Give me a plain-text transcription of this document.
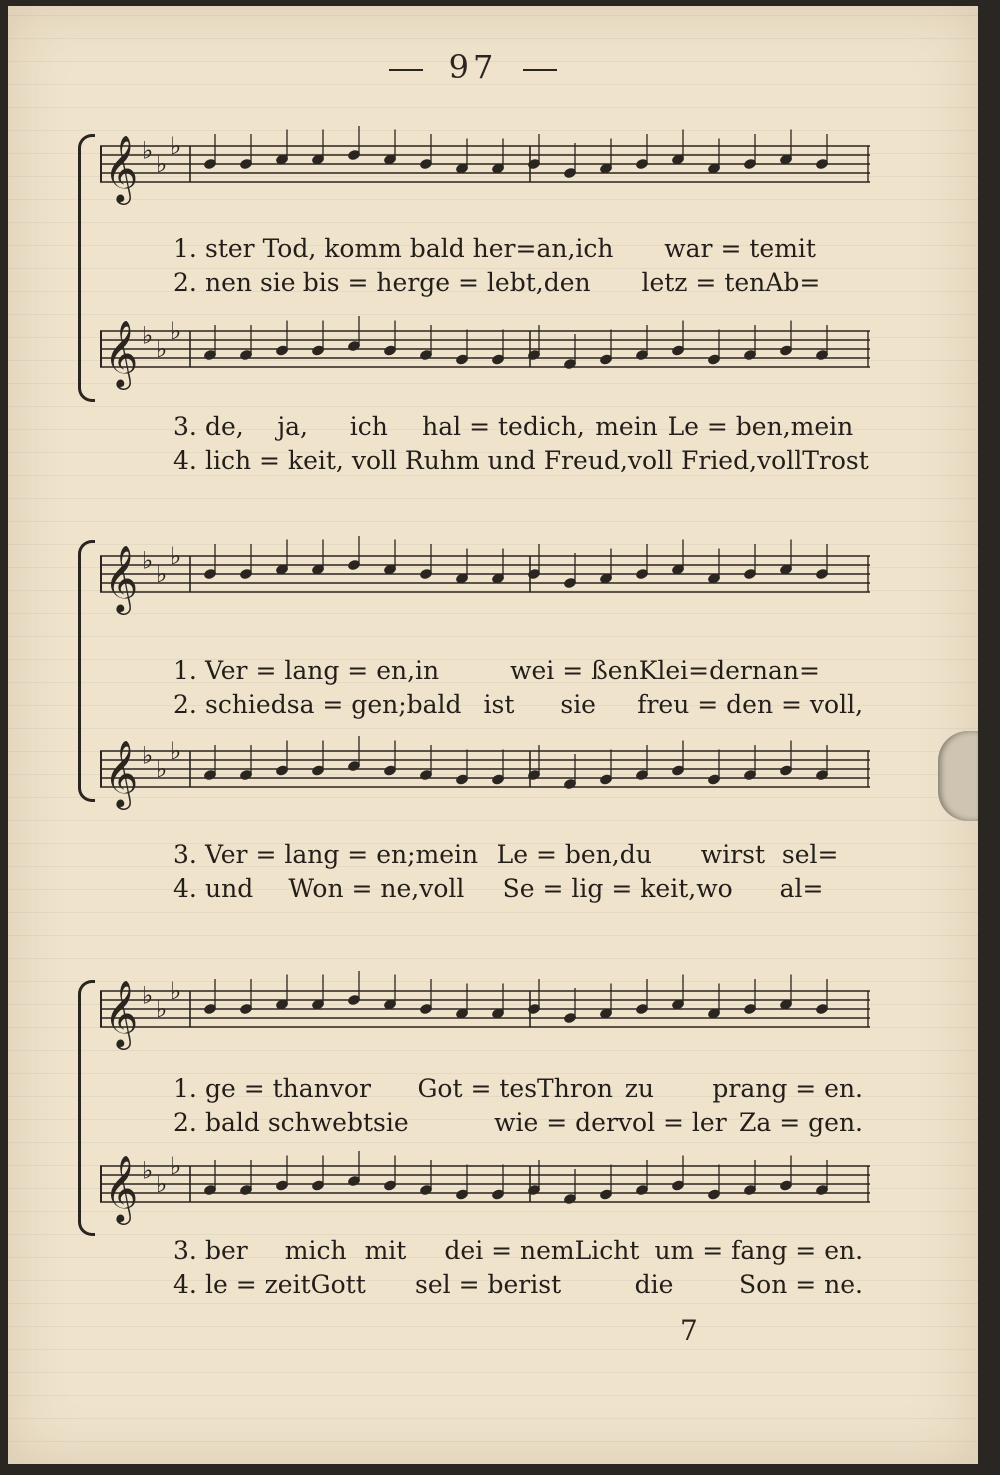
97
𝄞 ♭ ♭
♭
𝄞 ♭ ♭
♭
1. ster Tod, komm bald her=an, ich	war = te mit
2. nen sie bis = her ge = lebt, den	letz = ten Ab=
3. de,	ja,	ich	hal = te dich, mein Le = ben, mein
4. lich = keit, voll Ruhm und Freud, voll Fried, voll Trost
𝄞 ♭ ♭
♭
𝄞 ♭ ♭
♭
1. Ver = lang = en, in	wei = ßen Klei=dern an=
2. schied sa = gen; bald ist	sie	freu = den = voll,
3. Ver = lang = en; mein Le = ben, du	wirst sel=
4. und	Won = ne, voll	Se = lig = keit, wo	al=
𝄞 ♭ ♭
♭
𝄞 ♭ ♭
♭
1. ge = than vor	Got = tes Thron zu	prang = en.
2. bald schwebt sie	wie = der vol = ler Za = gen.
3. ber	mich mit	dei = nem Licht um = fang = en.
4. le = zeit Gott	sel = ber ist	die	Son = ne.
7
